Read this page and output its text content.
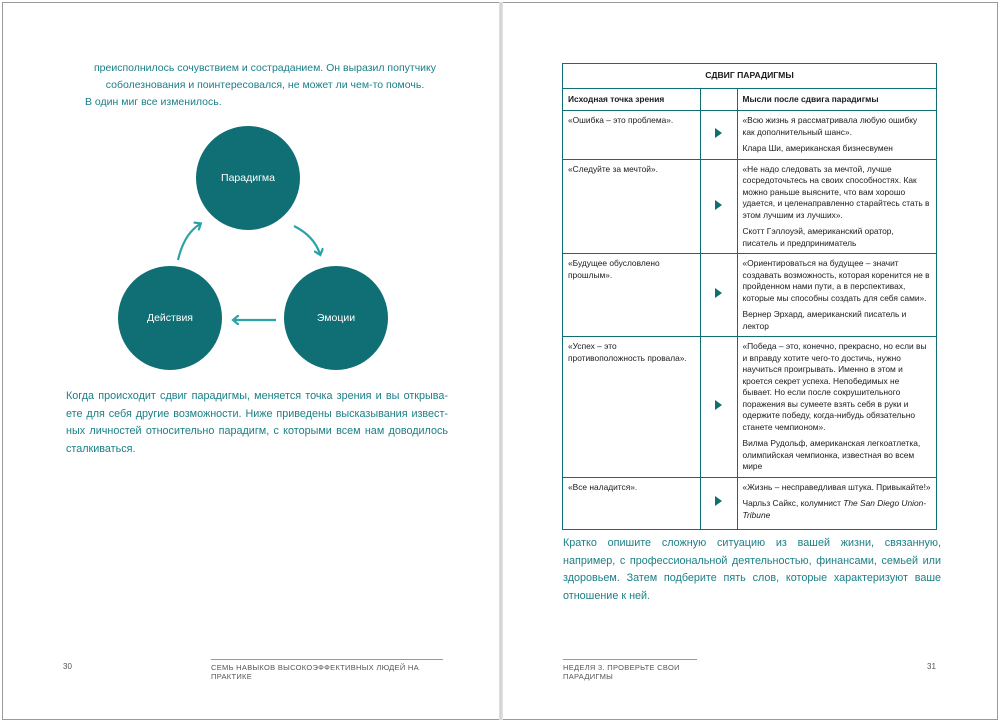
преисполнилось сочувствием и состраданием. Он выразил попутчику

соболезнования и поинтересовался, не может ли чем-то помочь.

В один миг все изменилось.

Парадигма
Действия	Эмоции
Когда происходит сдвиг парадигмы, меняется точка зрения и вы открыва-ете для себя другие возможности. Ниже приведены высказывания извест-ных личностей относительно парадигм, с которыми всем нам доводилось сталкиваться.
30	СЕМЬ НАВЫКОВ ВЫСОКОЭФФЕКТИВНЫХ ЛЮДЕЙ НА ПРАКТИКЕ
СДВИГ ПАРАДИГМЫ		
Исходная точка зрения		Мысли после сдвига парадигмы
«Ошибка – это проблема».		«Всю жизнь я рассматривала любую ошибку как дополнительный шанс».

Клара Ши, американская бизнесвумен

«Следуйте за мечтой».		«Не надо следовать за мечтой, лучше сосредоточьтесь на своих способностях. Как можно раньше выясните, что вам хорошо удается, и целенаправленно старайтесь стать в этом лучшим из лучших».

Скотт Гэллоуэй, американский оратор, писатель и предприниматель

«Будущее обусловлено прошлым».		«Ориентироваться на будущее – значит создавать возможность, которая коренится не в пройденном нами пути, а в перспективах, которые мы способны создать для себя сами».

Вернер Эрхард, американский писатель и лектор

«Успех – это противоположность провала».		«Победа – это, конечно, прекрасно, но если вы и вправду хотите чего-то достичь, нужно научиться проигрывать. Именно в этом и кроется секрет успеха. Непобедимых не бывает. Но если после сокрушительного поражения вы сумеете взять себя в руки и одержите победу, когда-нибудь обязательно станете чемпионом».

Вилма Рудольф, американская легкоатлетка, олимпийская чемпионка, известная во всем мире

«Все наладится».		«Жизнь – несправедливая штука. Привыкайте!»

Чарльз Сайкс, колумнист The San Diego Union-Tribune

Кратко опишите сложную ситуацию из вашей жизни, связанную, например, с профессиональной деятельностью, финансами, семьей или здоровьем. Затем подберите пять слов, которые характеризуют ваше отношение к ней.
НЕДЕЛЯ 3. ПРОВЕРЬТЕ СВОИ ПАРАДИГМЫ
31
